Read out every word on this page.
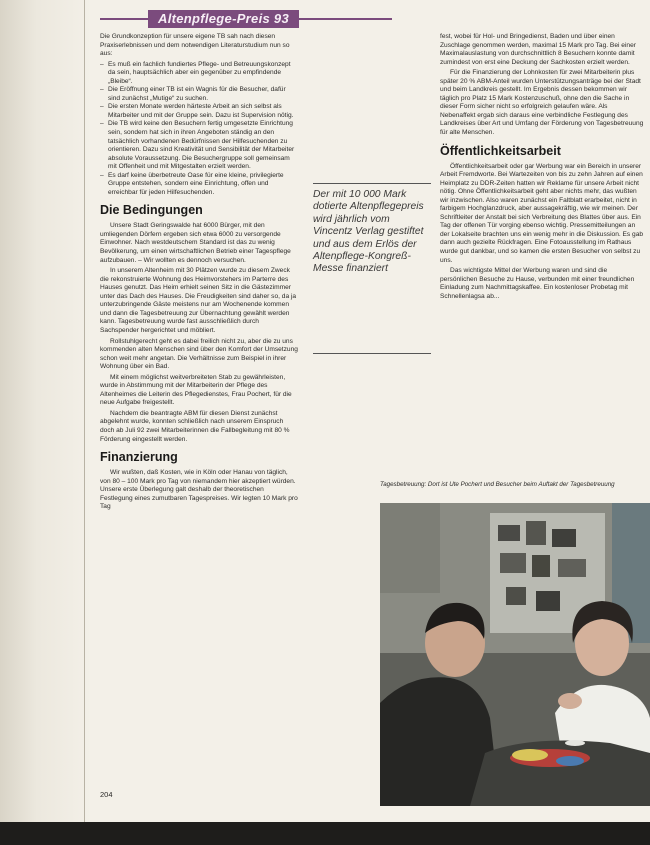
Altenpflege-Preis 93

Die Grundkonzeption für unsere eigene TB sah nach diesen Praxiserlebnissen und dem notwendigen Literaturstudium nun so aus:

– Es muß ein fachlich fundiertes Pflege- und Betreuungskonzept da sein, hauptsächlich aber ein gegenüber zu empfindende „Bleibe“.
– Die Eröffnung einer TB ist ein Wagnis für die Besucher, dafür sind zunächst „Mutige“ zu suchen.
– Die ersten Monate werden härteste Arbeit an sich selbst als Mitarbeiter und mit der Gruppe sein. Dazu ist Supervision nötig.
– Die TB wird keine den Besuchern fertig umgesetzte Einrichtung sein, sondern hat sich in ihren Angeboten ständig an den tatsächlich vorhandenen Bedürfnissen der Hilfesuchenden zu orientieren. Dazu sind Kreativität und Sensibilität der Mitarbeiter absolute Voraussetzung. Die Besuchergruppe soll gemeinsam mit Offenheit und mit Mitgestalten erzielt werden.
– Es darf keine überbetreute Oase für eine kleine, privilegierte Gruppe entstehen, sondern eine Einrichtung, offen und erreichbar für jeden Hilfesuchenden.
Die Bedingungen

Unsere Stadt Geringswalde hat 6000 Bürger, mit den umliegenden Dörfern ergeben sich etwa 6000 zu versorgende Einwohner. Nach westdeutschem Standard ist das zu wenig Bevölkerung, um einen wirtschaftlichen Betrieb einer Tagespflege aufzubauen. – Wir wollten es dennoch versuchen.

In unserem Altenheim mit 30 Plätzen wurde zu diesem Zweck die rekonstruierte Wohnung des Heimvorstehers im Parterre des Hauses genutzt. Das Heim erhielt seinen Sitz in die Gästezimmer unter das Dach des Hauses. Die Freudigkeiten sind daher so, da ja unterzubringende Gäste meistens nur am Wochenende kommen und dann die Tagesbetreuung zur Übernachtung gewählt werden kann. Tagesbetreuung wurde fast ausschließlich durch Sachspender hergerichtet und möbliert.

Rollstuhlgerecht geht es dabei freilich nicht zu, aber die zu uns kommenden alten Menschen sind über den Komfort der Umsetzung schon weit mehr angetan. Die Verhältnisse zum Beispiel in ihrer Wohnung über ein Bad.

Mit einem möglichst weitverbreiteten Stab zu gewährleisten, wurde in Abstimmung mit der Mitarbeiterin der Pflege des Altenheimes die Leiterin des Pflegedienstes, Frau Pochert, für die neue Aufgabe freigestellt.

Nachdem die beantragte ABM für diesen Dienst zunächst abgelehnt wurde, konnten schließlich nach unserem Einspruch doch ab Juli 92 zwei Mitarbeiterinnen die Fallbegleitung mit 80 % Förderung eingestellt werden.

Finanzierung

Wir wußten, daß Kosten, wie in Köln oder Hanau von täglich, von 80 – 100 Mark pro Tag von niemandem hier akzeptiert würden. Unsere erste Überlegung galt deshalb der theoretischen Festlegung eines zumutbaren Tagespreises. Wir legten 10 Mark pro Tag

Der mit 10 000 Mark dotierte Altenpflegepreis wird jährlich vom Vincentz Verlag gestiftet und aus dem Erlös der Altenpflege-Kongreß-Messe finanziert

fest, wobei für Hol- und Bringedienst, Baden und über einen Zuschlage genommen werden, maximal 15 Mark pro Tag. Bei einer Maximalauslastung von durchschnittlich 8 Besuchern konnte damit zumindest von erst eine Deckung der Sachkosten erzielt werden.

Für die Finanzierung der Lohnkosten für zwei Mitarbeiterin plus später 20 % ABM-Anteil wurden Unterstützungsanträge bei der Stadt und beim Landkreis gestellt. Im Ergebnis dessen bekommen wir täglich pro Platz 15 Mark Kostenzuschuß, ohne den die Sache in dieser Form sicher nicht so erfolgreich gelaufen wäre. Als Nebenaffekt ergab sich daraus eine verbindliche Festlegung des Landkreises über Art und Umfang der Förderung von Tagesbetreuung für alte Menschen.

Öffentlichkeitsarbeit

Öffentlichkeitsarbeit oder gar Werbung war ein Bereich in unserer Arbeit Fremdworte. Bei Wartezeiten von bis zu zehn Jahren auf einen Heimplatz zu DDR-Zeiten hatten wir Reklame für unsere Arbeit nicht nötig. Ohne Öffentlichkeitsarbeit geht aber nichts mehr, das wußten wir inzwischen. Also waren zunächst ein Faltblatt erarbeitet, nicht in farbigem Hochglanzdruck, aber aussagekräftig, wie wir meinen. Der Schriftleiter der Anstalt bei sich Verbreitung des Blattes über aus. Ein Tag der offenen Tür vorging ebenso wichtig. Pressemitteilungen an der Lokalseite brachten uns ein wenig mehr in die Diskussion. Es gab dann auch gezielte Rückfragen. Eine Fotoausstellung im Rathaus wurde gut dankbar, und so kamen die ersten Besucher von selbst zu uns.

Das wichtigste Mittel der Werbung waren und sind die persönlichen Besuche zu Hause, verbunden mit einer freundlichen Einladung zum Nachmittagskaffee. Ein kostenloser Probetag mit Schnellenlagsa ab...

Tagesbetreuung: Dort ist Ute Pochert und Besucher beim Auftakt der Tagesbetreuung
204
